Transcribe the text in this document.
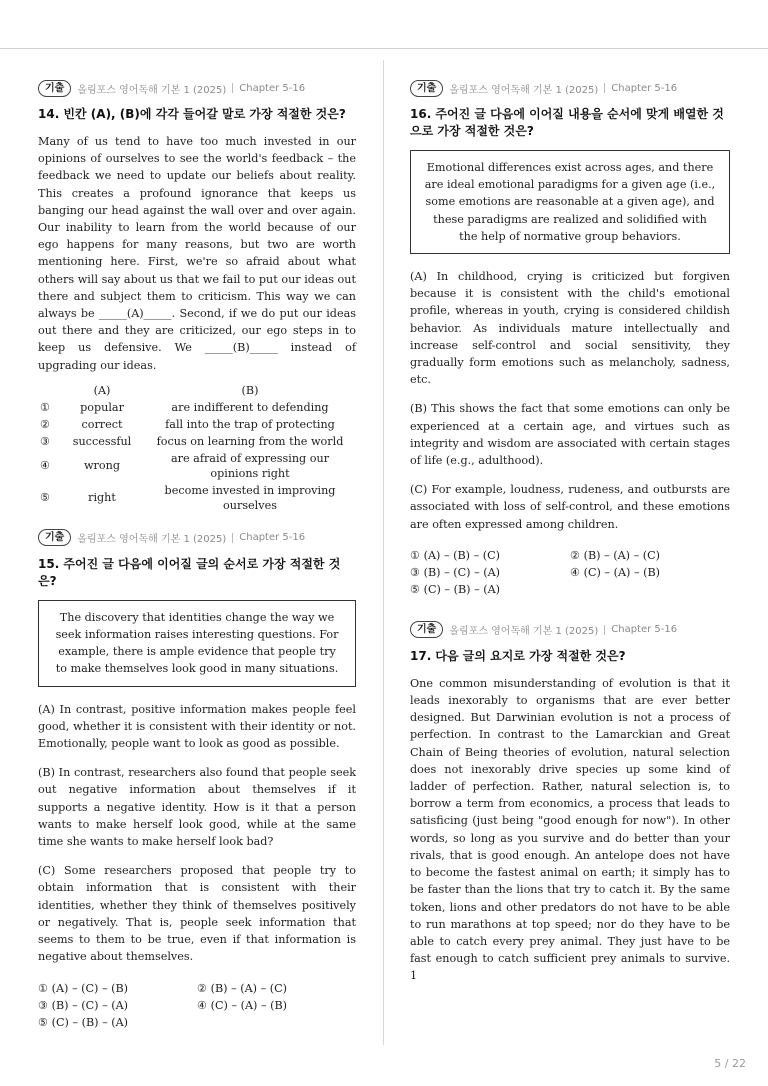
기출	올림포스 영어독해 기본 1 (2025) Chapter 5-16
14. 빈칸 (A), (B)에 각각 들어갈 말로 가장 적절한 것은?

Many of us tend to have too much invested in our opinions of ourselves to see the world's feedback – the feedback we need to update our beliefs about reality. This creates a profound ignorance that keeps us banging our head against the wall over and over again. Our inability to learn from the world because of our ego happens for many reasons, but two are worth mentioning here. First, we're so afraid about what others will say about us that we fail to put our ideas out there and subject them to criticism. This way we can always be _____(A)_____. Second, if we do put our ideas out there and they are criticized, our ego steps in to keep us defensive. We _____(B)_____ instead of upgrading our ideas.

	(A)	(B)
①	popular	are indifferent to defending
②	correct	fall into the trap of protecting
③	successful	focus on learning from the world
④	wrong	are afraid of expressing our opinions right
⑤	right	become invested in improving ourselves
기출	올림포스 영어독해 기본 1 (2025) Chapter 5-16
15. 주어진 글 다음에 이어질 글의 순서로 가장 적절한 것은?
The discovery that identities change the way we seek information raises interesting questions. For example, there is ample evidence that people try to make themselves look good in many situations.

(A) In contrast, positive information makes people feel good, whether it is consistent with their identity or not. Emotionally, people want to look as good as possible.

(B) In contrast, researchers also found that people seek out negative information about themselves if it supports a negative identity. How is it that a person wants to make herself look good, while at the same time she wants to make herself look bad?

(C) Some researchers proposed that people try to obtain information that is consistent with their identities, whether they think of themselves positively or negatively. That is, people seek information that seems to them to be true, even if that information is negative about themselves.

① (A) – (C) – (B)	② (B) – (A) – (C)
③ (B) – (C) – (A)	④ (C) – (A) – (B)
⑤ (C) – (B) – (A)
기출	올림포스 영어독해 기본 1 (2025) Chapter 5-16
16. 주어진 글 다음에 이어질 내용을 순서에 맞게 배열한 것으로 가장 적절한 것은?
Emotional differences exist across ages, and there are ideal emotional paradigms for a given age (i.e., some emotions are reasonable at a given age), and these paradigms are realized and solidified with the help of normative group behaviors.

(A) In childhood, crying is criticized but forgiven because it is consistent with the child's emotional profile, whereas in youth, crying is considered childish behavior. As individuals mature intellectually and increase self-control and social sensitivity, they gradually form emotions such as melancholy, sadness, etc.

(B) This shows the fact that some emotions can only be experienced at a certain age, and virtues such as integrity and wisdom are associated with certain stages of life (e.g., adulthood).

(C) For example, loudness, rudeness, and outbursts are associated with loss of self-control, and these emotions are often expressed among children.

① (A) – (B) – (C)	② (B) – (A) – (C)
③ (B) – (C) – (A)	④ (C) – (A) – (B)
⑤ (C) – (B) – (A)
기출	올림포스 영어독해 기본 1 (2025) Chapter 5-16
17. 다음 글의 요지로 가장 적절한 것은?

One common misunderstanding of evolution is that it leads inexorably to organisms that are ever better designed. But Darwinian evolution is not a process of perfection. In contrast to the Lamarckian and Great Chain of Being theories of evolution, natural selection does not inexorably drive species up some kind of ladder of perfection. Rather, natural selection is, to borrow a term from economics, a process that leads to satisficing (just being "good enough for now"). In other words, so long as you survive and do better than your rivals, that is good enough. An antelope does not have to become the fastest animal on earth; it simply has to be faster than the lions that try to catch it. By the same token, lions and other predators do not have to be able to run marathons at top speed; nor do they have to be able to catch every prey animal. They just have to be fast enough to catch sufficient prey animals to survive. 1

5 / 22
